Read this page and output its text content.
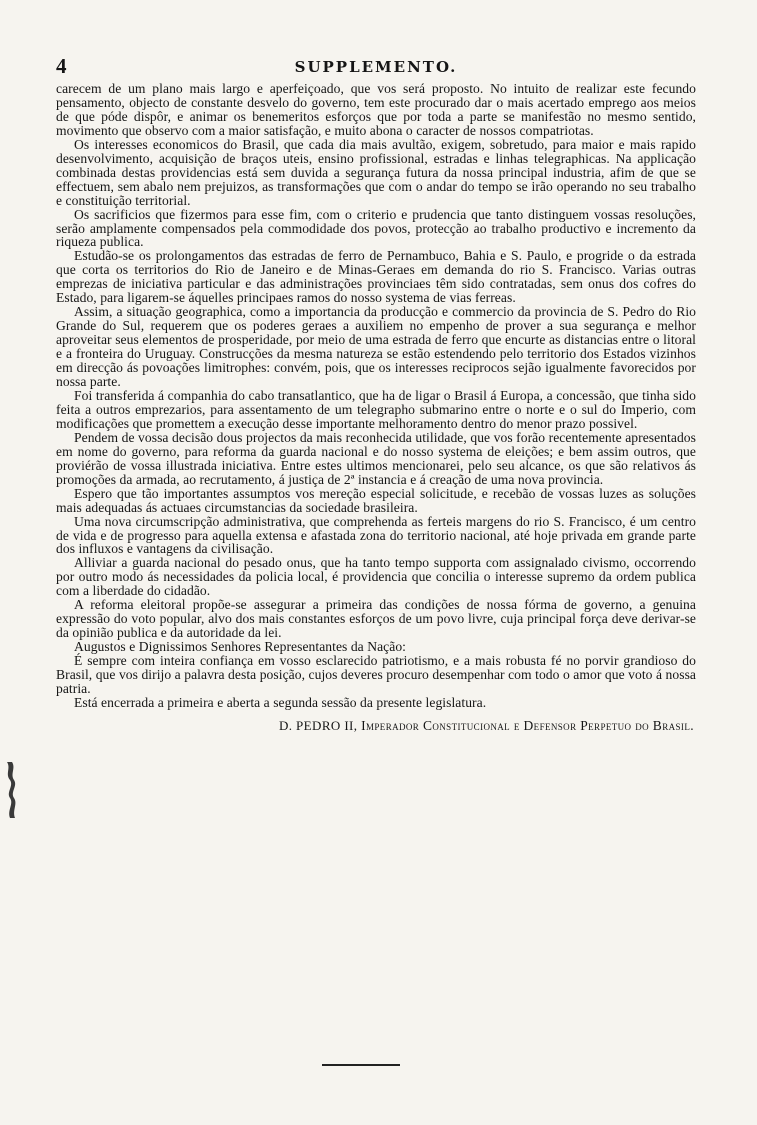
4	SUPPLEMENTO.

carecem de um plano mais largo e aperfeiçoado, que vos será proposto. No intuito de realizar este fecundo pensamento, objecto de constante desvelo do governo, tem este procurado dar o mais acertado emprego aos meios de que póde dispôr, e animar os benemeritos esforços que por toda a parte se manifestão no mesmo sentido, movimento que observo com a maior satisfação, e muito abona o caracter de nossos compatriotas.

Os interesses economicos do Brasil, que cada dia mais avultão, exigem, sobretudo, para maior e mais rapido desenvolvimento, acquisição de braços uteis, ensino profissional, estradas e linhas telegraphicas. Na applicação combinada destas providencias está sem duvida a segurança futura da nossa principal industria, afim de que se effectuem, sem abalo nem prejuizos, as transformações que com o andar do tempo se irão operando no seu trabalho e constituição territorial.

Os sacrificios que fizermos para esse fim, com o criterio e prudencia que tanto distinguem vossas resoluções, serão amplamente compensados pela commodidade dos povos, protecção ao trabalho productivo e incremento da riqueza publica.

Estudão-se os prolongamentos das estradas de ferro de Pernambuco, Bahia e S. Paulo, e progride o da estrada que corta os territorios do Rio de Janeiro e de Minas-Geraes em demanda do rio S. Francisco. Varias outras emprezas de iniciativa particular e das administrações provinciaes têm sido contratadas, sem onus dos cofres do Estado, para ligarem-se áquelles principaes ramos do nosso systema de vias ferreas.

Assim, a situação geographica, como a importancia da producção e commercio da provincia de S. Pedro do Rio Grande do Sul, requerem que os poderes geraes a auxiliem no empenho de prover a sua segurança e melhor aproveitar seus elementos de prosperidade, por meio de uma estrada de ferro que encurte as distancias entre o litoral e a fronteira do Uruguay. Construcções da mesma natureza se estão estendendo pelo territorio dos Estados vizinhos em direcção ás povoações limitrophes: convém, pois, que os interesses reciprocos sejão igualmente favorecidos por nossa parte.

Foi transferida á companhia do cabo transatlantico, que ha de ligar o Brasil á Europa, a concessão, que tinha sido feita a outros emprezarios, para assentamento de um telegrapho submarino entre o norte e o sul do Imperio, com modificações que promettem a execução desse importante melhoramento dentro do menor prazo possivel.

Pendem de vossa decisão dous projectos da mais reconhecida utilidade, que vos forão recentemente apresentados em nome do governo, para reforma da guarda nacional e do nosso systema de eleições; e bem assim outros, que proviérão de vossa illustrada iniciativa. Entre estes ultimos mencionarei, pelo seu alcance, os que são relativos ás promoções da armada, ao recrutamento, á justiça de 2ª instancia e á creação de uma nova provincia.

Espero que tão importantes assumptos vos mereção especial solicitude, e recebão de vossas luzes as soluções mais adequadas ás actuaes circumstancias da sociedade brasileira.

Uma nova circumscripção administrativa, que comprehenda as ferteis margens do rio S. Francisco, é um centro de vida e de progresso para aquella extensa e afastada zona do territorio nacional, até hoje privada em grande parte dos influxos e vantagens da civilisação.

Alliviar a guarda nacional do pesado onus, que ha tanto tempo supporta com assignalado civismo, occorrendo por outro modo ás necessidades da policia local, é providencia que concilia o interesse supremo da ordem publica com a liberdade do cidadão.

A reforma eleitoral propõe-se assegurar a primeira das condições de nossa fórma de governo, a genuina expressão do voto popular, alvo dos mais constantes esforços de um povo livre, cuja principal força deve derivar-se da opinião publica e da autoridade da lei.

Augustos e Dignissimos Senhores Representantes da Nação:

É sempre com inteira confiança em vosso esclarecido patriotismo, e a mais robusta fé no porvir grandioso do Brasil, que vos dirijo a palavra desta posição, cujos deveres procuro desempenhar com todo o amor que voto á nossa patria.

Está encerrada a primeira e aberta a segunda sessão da presente legislatura.

D. PEDRO II, Imperador Constitucional e Defensor Perpetuo do Brasil.
